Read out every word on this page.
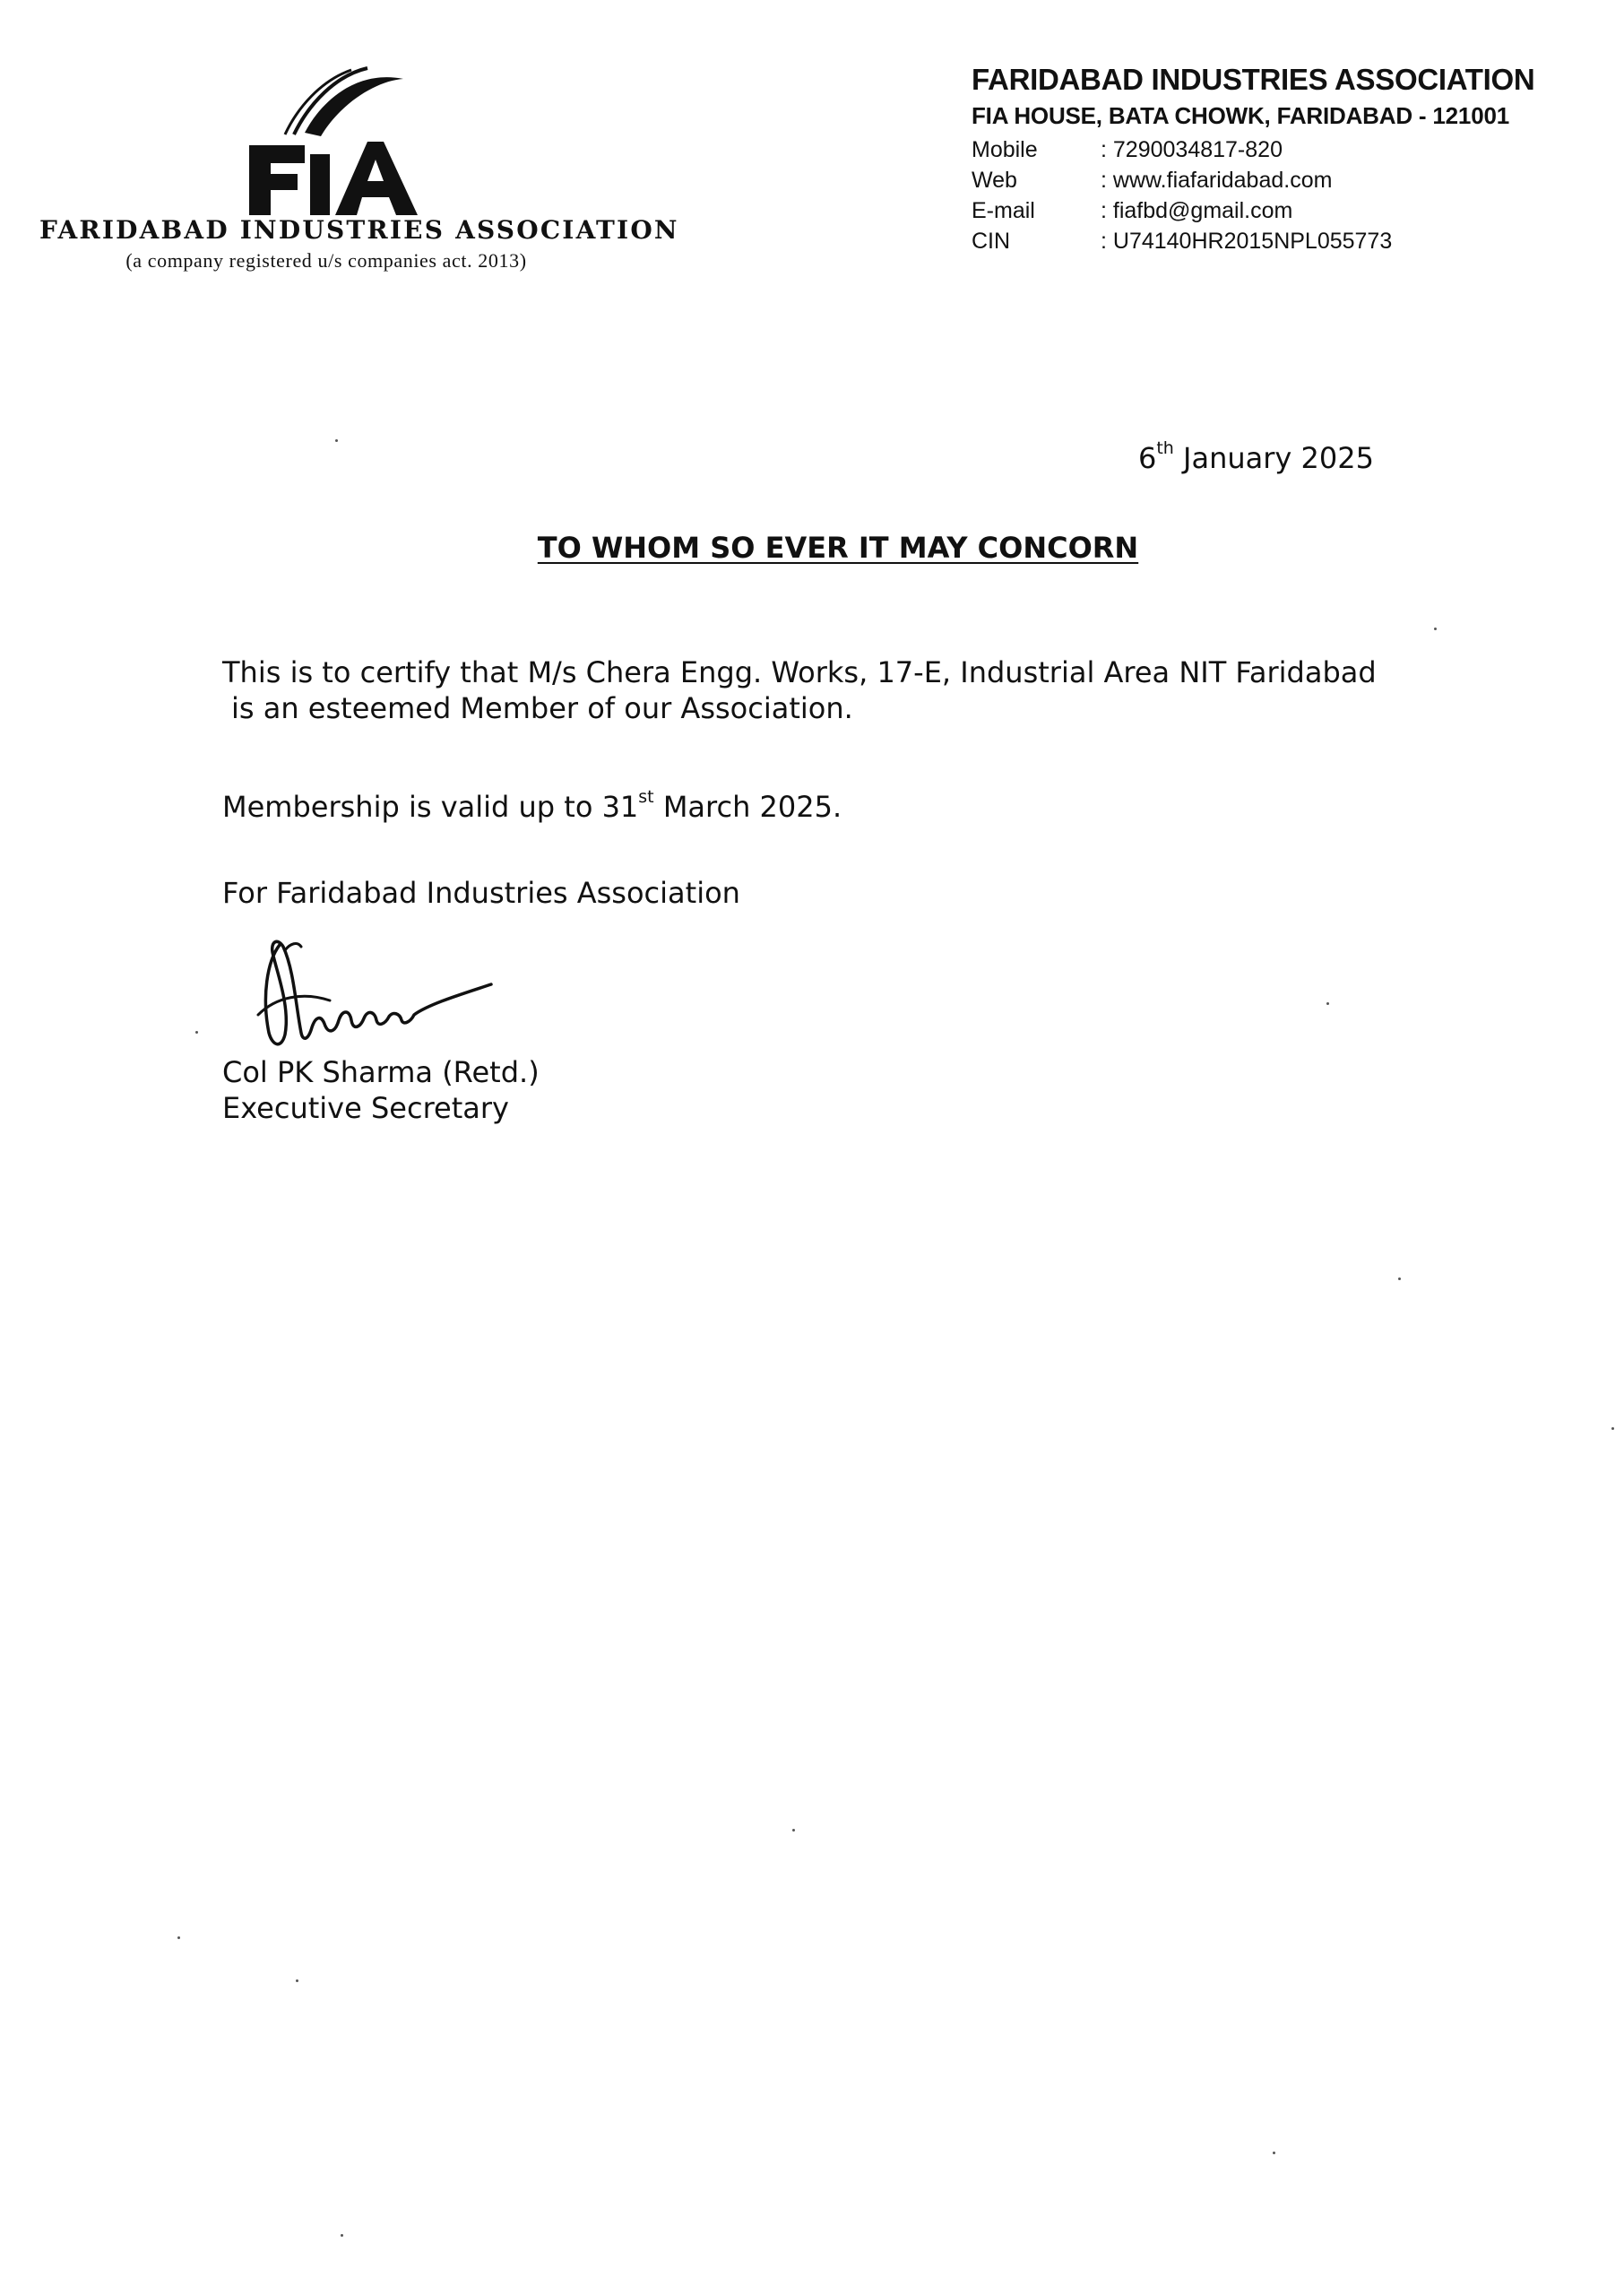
FARIDABAD INDUSTRIES ASSOCIATION
(a company registered u/s companies act. 2013)
FARIDABAD INDUSTRIES ASSOCIATION
FIA HOUSE, BATA CHOWK, FARIDABAD - 121001
Mobile	: 7290034817-820
Web	: www.fiafaridabad.com
E-mail	: fiafbd@gmail.com
CIN	: U74140HR2015NPL055773
6th January 2025
TO WHOM SO EVER IT MAY CONCORN
This is to certify that M/s Chera Engg. Works, 17-E, Industrial Area NIT Faridabad
is an esteemed Member of our Association.
Membership is valid up to 31st March 2025.
For Faridabad Industries Association
Col PK Sharma (Retd.)
Executive Secretary
